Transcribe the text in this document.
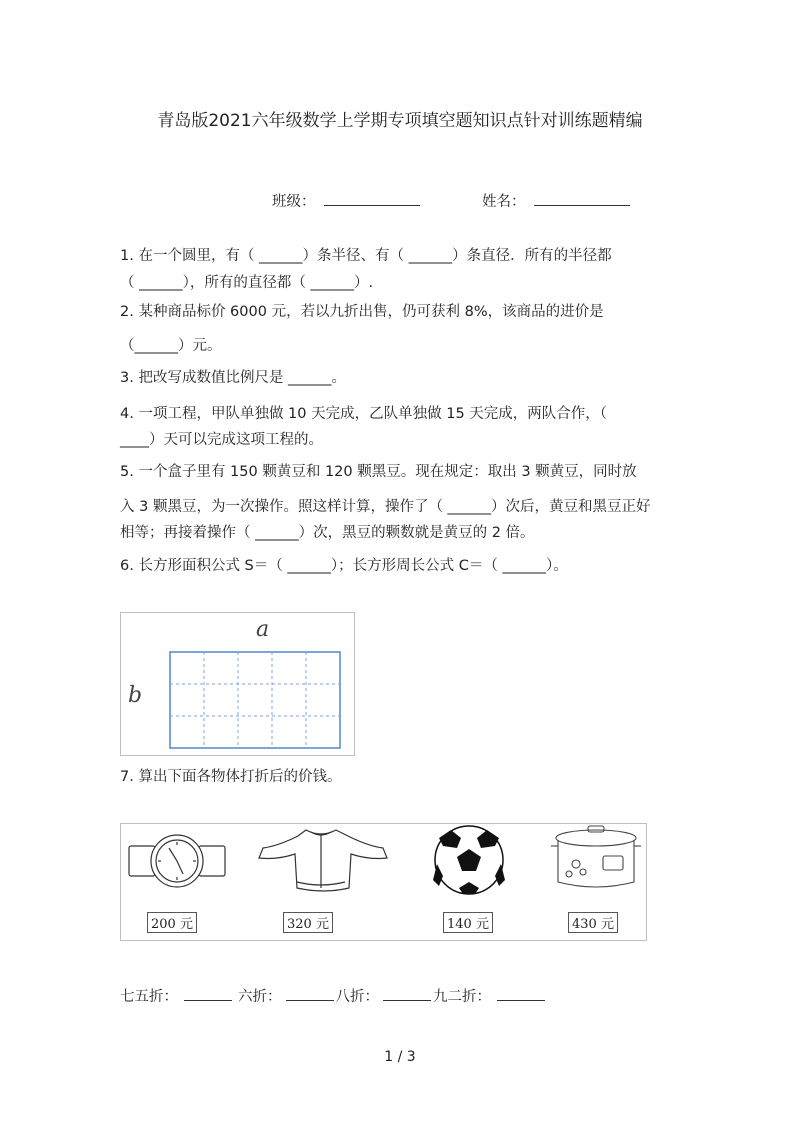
青岛版2021六年级数学上学期专项填空题知识点针对训练题精编
班级：	姓名：
1. 在一个圆里，有（ ______）条半径、有（ ______）条直径．所有的半径都
（ ______），所有的直径都（ ______）.
2. 某种商品标价 6000 元，若以九折出售，仍可获利 8%，该商品的进价是
（______）元。
3. 把改写成数值比例尺是 ______。
4. 一项工程，甲队单独做 10 天完成，乙队单独做 15 天完成，两队合作，（
____）天可以完成这项工程的。
5. 一个盒子里有 150 颗黄豆和 120 颗黑豆。现在规定：取出 3 颗黄豆，同时放
入 3 颗黑豆，为一次操作。照这样计算，操作了（ ______）次后，黄豆和黑豆正好
相等；再接着操作（ ______）次，黑豆的颗数就是黄豆的 2 倍。
6. 长方形面积公式 S＝（ ______）；长方形周长公式 C＝（ ______）。
a
b
7. 算出下面各物体打折后的价钱。
200 元	320 元	140 元	430 元
七五折：	六折：	八折：	九二折：
1 / 3
